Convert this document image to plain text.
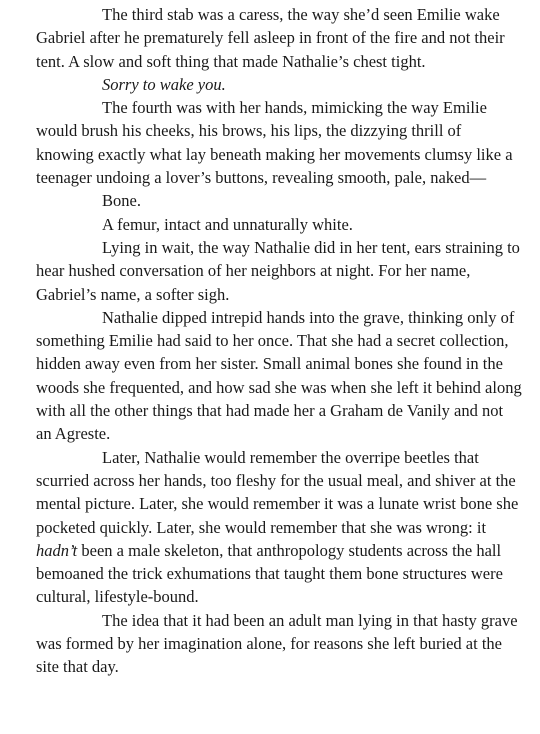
The third stab was a caress, the way she’d seen Emilie wake Gabriel after he prematurely fell asleep in front of the fire and not their tent. A slow and soft thing that made Nathalie’s chest tight.

Sorry to wake you.

The fourth was with her hands, mimicking the way Emilie would brush his cheeks, his brows, his lips, the dizzying thrill of knowing exactly what lay beneath making her movements clumsy like a teenager undoing a lover’s buttons, revealing smooth, pale, naked—

Bone.

A femur, intact and unnaturally white.

Lying in wait, the way Nathalie did in her tent, ears straining to hear hushed conversation of her neighbors at night. For her name, Gabriel’s name, a softer sigh.

Nathalie dipped intrepid hands into the grave, thinking only of something Emilie had said to her once. That she had a secret collection, hidden away even from her sister. Small animal bones she found in the woods she frequented, and how sad she was when she left it behind along with all the other things that had made her a Graham de Vanily and not an Agreste.

Later, Nathalie would remember the overripe beetles that scurried across her hands, too fleshy for the usual meal, and shiver at the mental picture. Later, she would remember it was a lunate wrist bone she pocketed quickly. Later, she would remember that she was wrong: it hadn’t been a male skeleton, that anthropology students across the hall bemoaned the trick exhumations that taught them bone structures were cultural, lifestyle-bound.

The idea that it had been an adult man lying in that hasty grave was formed by her imagination alone, for reasons she left buried at the site that day.
